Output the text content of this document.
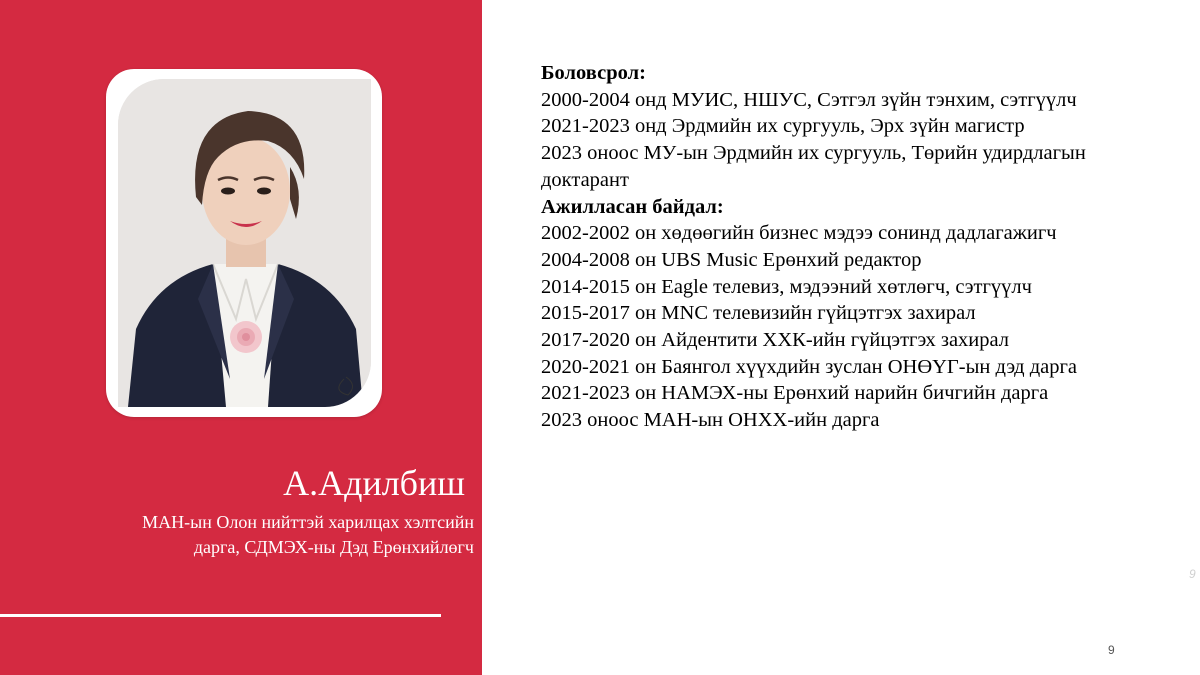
А.Адилбиш
МАН-ын Олон нийттэй харилцах хэлтсийн
дарга, СДМЭХ-ны Дэд Ерөнхийлөгч
Боловсрол:
2000-2004 онд МУИС, НШУС, Сэтгэл зүйн тэнхим, сэтгүүлч
2021-2023 онд Эрдмийн их сургууль, Эрх зүйн магистр
2023 оноос МУ-ын Эрдмийн их сургууль, Төрийн удирдлагын доктарант
Ажилласан байдал:
2002-2002 он хөдөөгийн бизнес мэдээ сонинд дадлагажигч
2004-2008 он UBS Music Ерөнхий редактор
2014-2015 он Eagle телевиз, мэдээний хөтлөгч, сэтгүүлч
2015-2017 он MNC телевизийн гүйцэтгэх захирал
2017-2020 он Айдентити ХХК-ийн гүйцэтгэх захирал
2020-2021 он Баянгол хүүхдийн зуслан ОНӨҮГ-ын дэд дарга
2021-2023 он НАМЭХ-ны Ерөнхий нарийн бичгийн дарга
2023 оноос МАН-ын ОНХХ-ийн дарга
9
9
